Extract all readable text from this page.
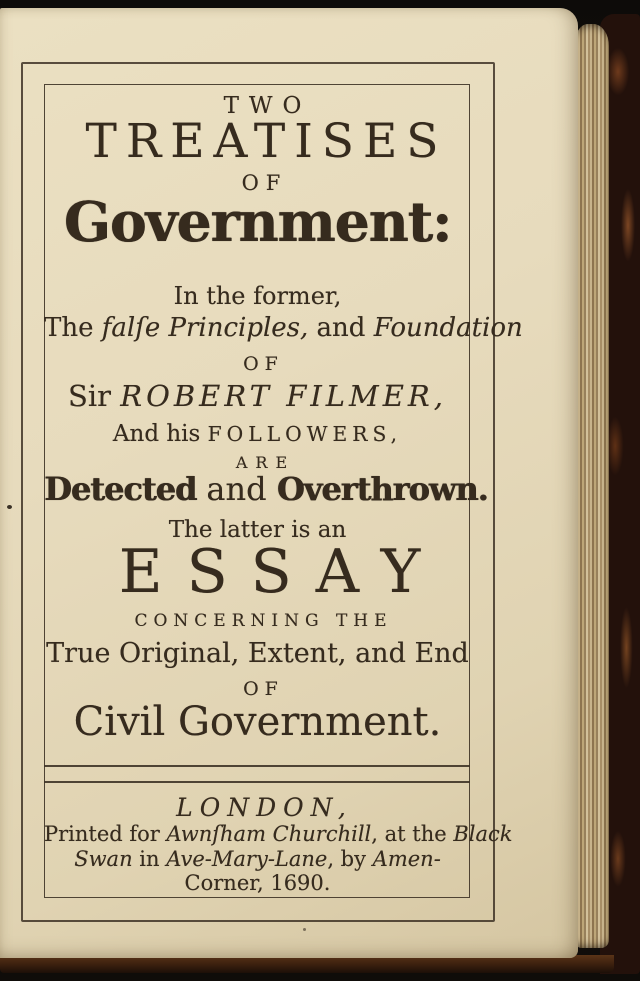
TWO
TREATISES
OF
Government:
In the former,
The falſe Principles, and Foundation
OF
Sir ROBERT FILMER,
And his FOLLOWERS,
ARE
Detected and Overthrown.
The latter is an
ESSAY
CONCERNING THE
True Original, Extent, and End
OF
Civil Government.
LONDON,
Printed for Awnſham Churchill, at the Black
Swan in Ave-Mary-Lane, by Amen-
Corner, 1690.
